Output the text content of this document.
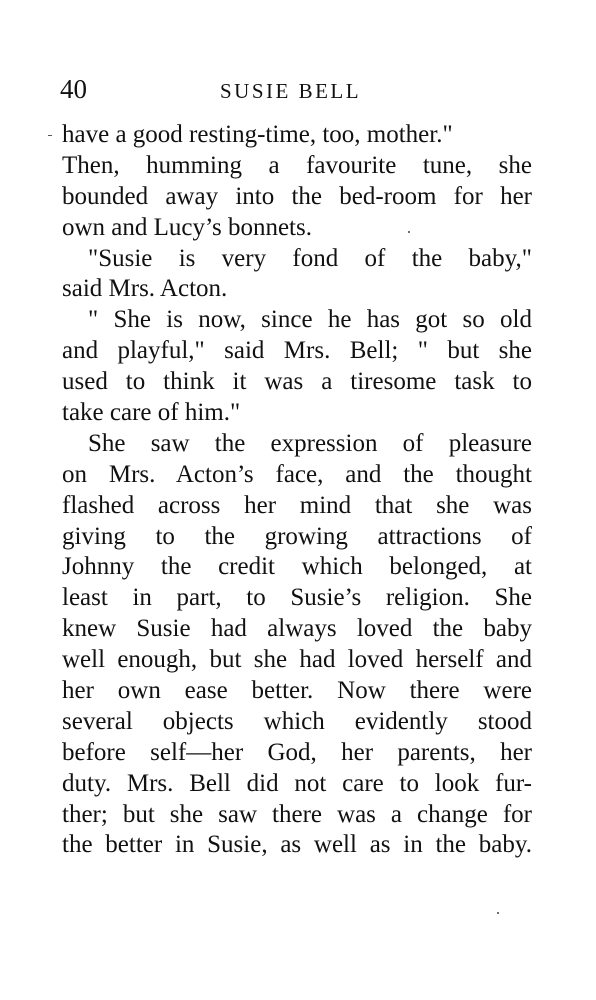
40	SUSIE BELL
have a good resting-time, too, mother."
Then, humming a favourite tune, she
bounded away into the bed-room for her
own and Lucy’s bonnets.
"Susie is very fond of the baby,"
said Mrs. Acton.
" She is now, since he has got so old
and playful," said Mrs. Bell; " but she
used to think it was a tiresome task to
take care of him."
She saw the expression of pleasure
on Mrs. Acton’s face, and the thought
flashed across her mind that she was
giving to the growing attractions of
Johnny the credit which belonged, at
least in part, to Susie’s religion. She
knew Susie had always loved the baby
well enough, but she had loved herself and
her own ease better. Now there were
several objects which evidently stood
before self—her God, her parents, her
duty. Mrs. Bell did not care to look fur-
ther; but she saw there was a change for
the better in Susie, as well as in the baby.
